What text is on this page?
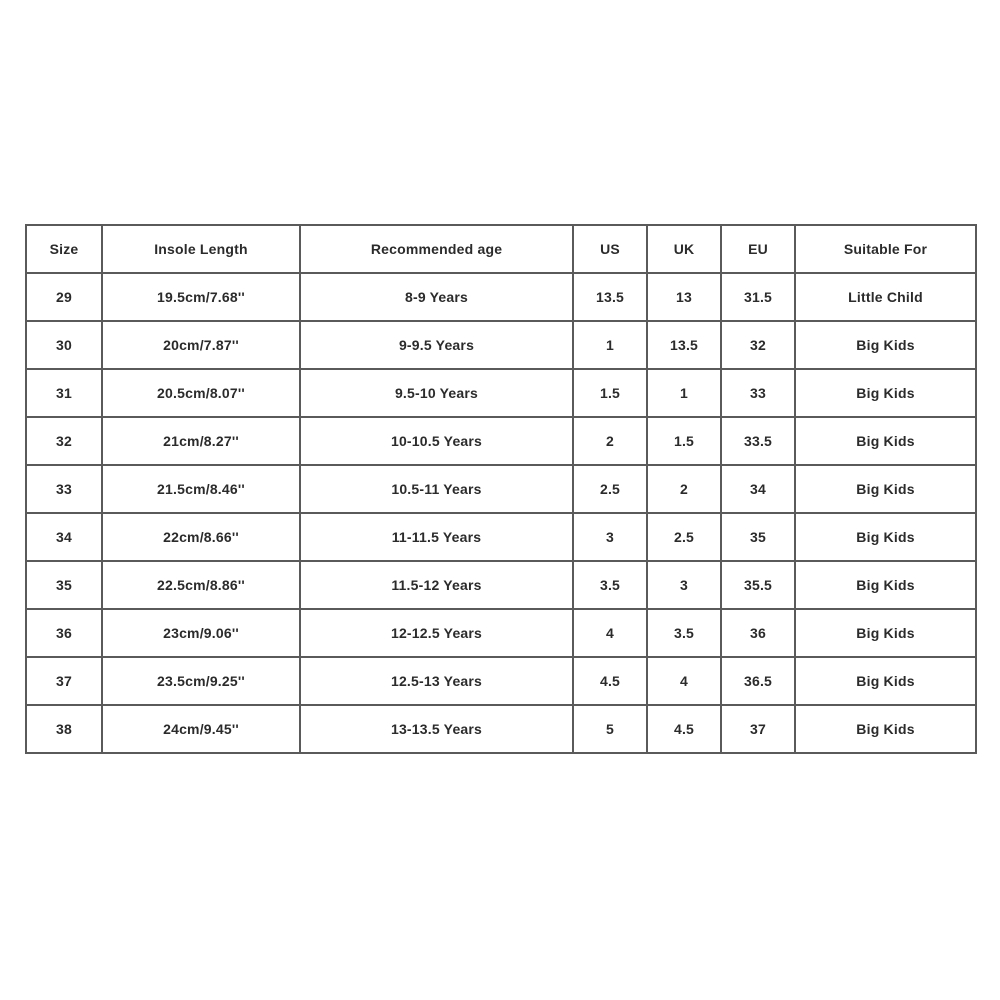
Size	Insole Length	Recommended age	US	UK	EU	Suitable For
29	19.5cm/7.68''	8-9 Years	13.5	13	31.5	Little Child
30	20cm/7.87''	9-9.5 Years	1	13.5	32	Big Kids
31	20.5cm/8.07''	9.5-10 Years	1.5	1	33	Big Kids
32	21cm/8.27''	10-10.5 Years	2	1.5	33.5	Big Kids
33	21.5cm/8.46''	10.5-11 Years	2.5	2	34	Big Kids
34	22cm/8.66''	11-11.5 Years	3	2.5	35	Big Kids
35	22.5cm/8.86''	11.5-12 Years	3.5	3	35.5	Big Kids
36	23cm/9.06''	12-12.5 Years	4	3.5	36	Big Kids
37	23.5cm/9.25''	12.5-13 Years	4.5	4	36.5	Big Kids
38	24cm/9.45''	13-13.5 Years	5	4.5	37	Big Kids
